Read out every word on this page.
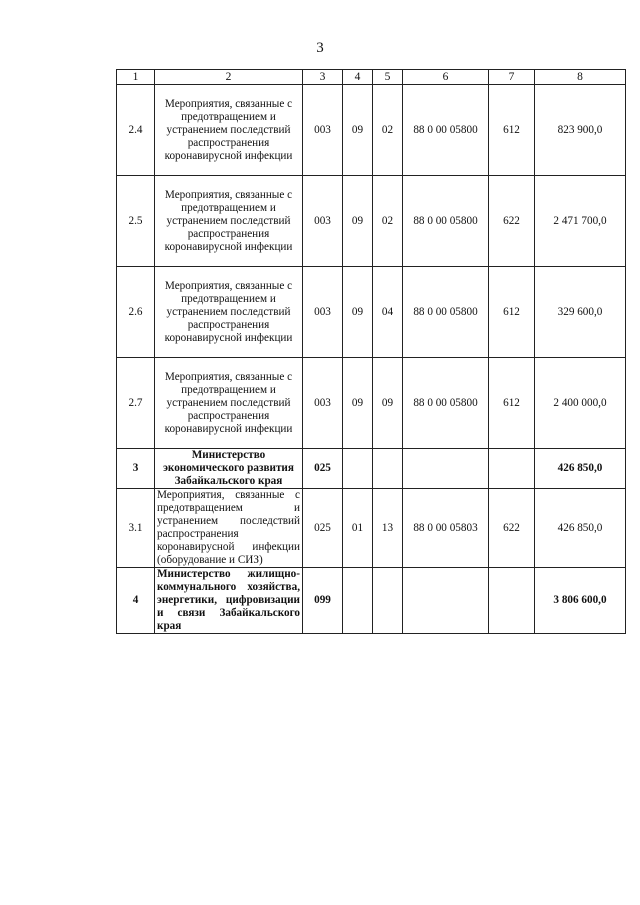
3
1	2	3	4	5	6	7	8
2.4	Мероприятия, связанные с предотвращением и устранением последствий распространения коронавирусной инфекции	003	09	02	88 0 00 05800	612	823 900,0
2.5	Мероприятия, связанные с предотвращением и устранением последствий распространения коронавирусной инфекции	003	09	02	88 0 00 05800	622	2 471 700,0
2.6	Мероприятия, связанные с предотвращением и устранением последствий распространения коронавирусной инфекции	003	09	04	88 0 00 05800	612	329 600,0
2.7	Мероприятия, связанные с предотвращением и устранением последствий распространения коронавирусной инфекции	003	09	09	88 0 00 05800	612	2 400 000,0
3	Министерство экономического развития Забайкальского края	025					426 850,0
3.1	Мероприятия, связанные с предотвращением и устранением последствий распространения коронавирусной инфекции (оборудование и СИЗ)	025	01	13	88 0 00 05803	622	426 850,0
4	Министерство жилищно-коммунального хозяйства, энергетики, цифровизации и связи Забайкальского края	099					3 806 600,0
